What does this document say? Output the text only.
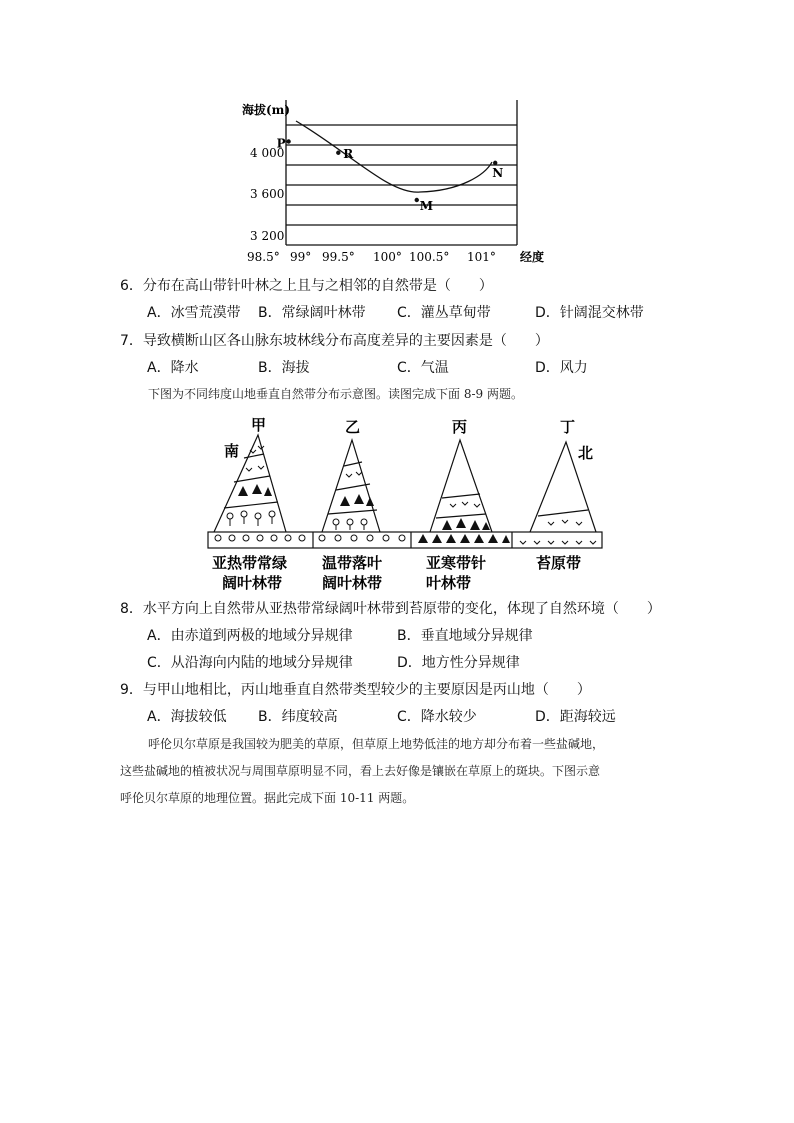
P
R
M
N
海拔(m)
4 000
3 600
3 200
98.5° 99° 99.5° 100° 100.5° 101° 经度
6．分布在高山带针叶林之上且与之相邻的自然带是（　　）
A．冰雪荒漠带 B．常绿阔叶林带 C．灌丛草甸带	D．针阔混交林带
7．导致横断山区各山脉东坡林线分布高度差异的主要因素是（　　）
A．降水	B．海拔	C．气温	D．风力
下图为不同纬度山地垂直自然带分布示意图。读图完成下面 8-9 两题。
甲	乙	丙	丁
南	北
亚热带常绿
阔叶林带
温带落叶
阔叶林带
亚寒带针
叶林带
苔原带
8．水平方向上自然带从亚热带常绿阔叶林带到苔原带的变化，体现了自然环境（　　）
A．由赤道到两极的地域分异规律	B．垂直地域分异规律
C．从沿海向内陆的地域分异规律	D．地方性分异规律
9．与甲山地相比，丙山地垂直自然带类型较少的主要原因是丙山地（　　）
A．海拔较低 B．纬度较高	C．降水较少	D．距海较远
呼伦贝尔草原是我国较为肥美的草原，但草原上地势低洼的地方却分布着一些盐碱地，
这些盐碱地的植被状况与周围草原明显不同，看上去好像是镶嵌在草原上的斑块。下图示意
呼伦贝尔草原的地理位置。据此完成下面 10-11 两题。
